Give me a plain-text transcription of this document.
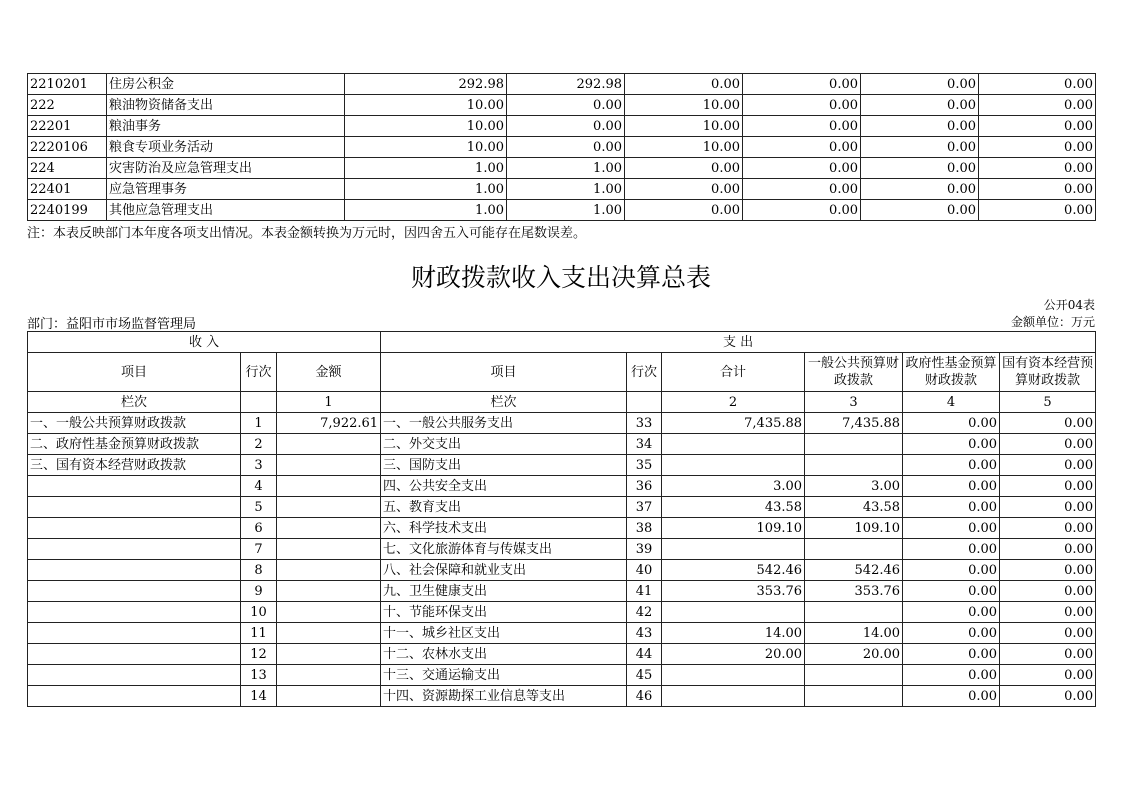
2210201	住房公积金	292.98	292.98	0.00	0.00	0.00	0.00
222	粮油物资储备支出	10.00	0.00	10.00	0.00	0.00	0.00
22201	粮油事务	10.00	0.00	10.00	0.00	0.00	0.00
2220106	粮食专项业务活动	10.00	0.00	10.00	0.00	0.00	0.00
224	灾害防治及应急管理支出	1.00	1.00	0.00	0.00	0.00	0.00
22401	应急管理事务	1.00	1.00	0.00	0.00	0.00	0.00
2240199	其他应急管理支出	1.00	1.00	0.00	0.00	0.00	0.00
注：本表反映部门本年度各项支出情况。本表金额转换为万元时，因四舍五入可能存在尾数误差。
财政拨款收入支出决算总表
公开04表
部门：益阳市市场监督管理局	金额单位：万元
收 入			支 出					
项目	行次	金额	项目	行次	合计	一般公共预算财政拨款	政府性基金预算财政拨款	国有资本经营预算财政拨款
栏次		1	栏次		2	3	4	5
一、一般公共预算财政拨款	1	7,922.61	一、一般公共服务支出	33	7,435.88	7,435.88	0.00	0.00
二、政府性基金预算财政拨款	2		二、外交支出	34			0.00	0.00
三、国有资本经营财政拨款	3		三、国防支出	35			0.00	0.00
	4		四、公共安全支出	36	3.00	3.00	0.00	0.00
	5		五、教育支出	37	43.58	43.58	0.00	0.00
	6		六、科学技术支出	38	109.10	109.10	0.00	0.00
	7		七、文化旅游体育与传媒支出	39			0.00	0.00
	8		八、社会保障和就业支出	40	542.46	542.46	0.00	0.00
	9		九、卫生健康支出	41	353.76	353.76	0.00	0.00
	10		十、节能环保支出	42			0.00	0.00
	11		十一、城乡社区支出	43	14.00	14.00	0.00	0.00
	12		十二、农林水支出	44	20.00	20.00	0.00	0.00
	13		十三、交通运输支出	45			0.00	0.00
	14		十四、资源勘探工业信息等支出	46			0.00	0.00
